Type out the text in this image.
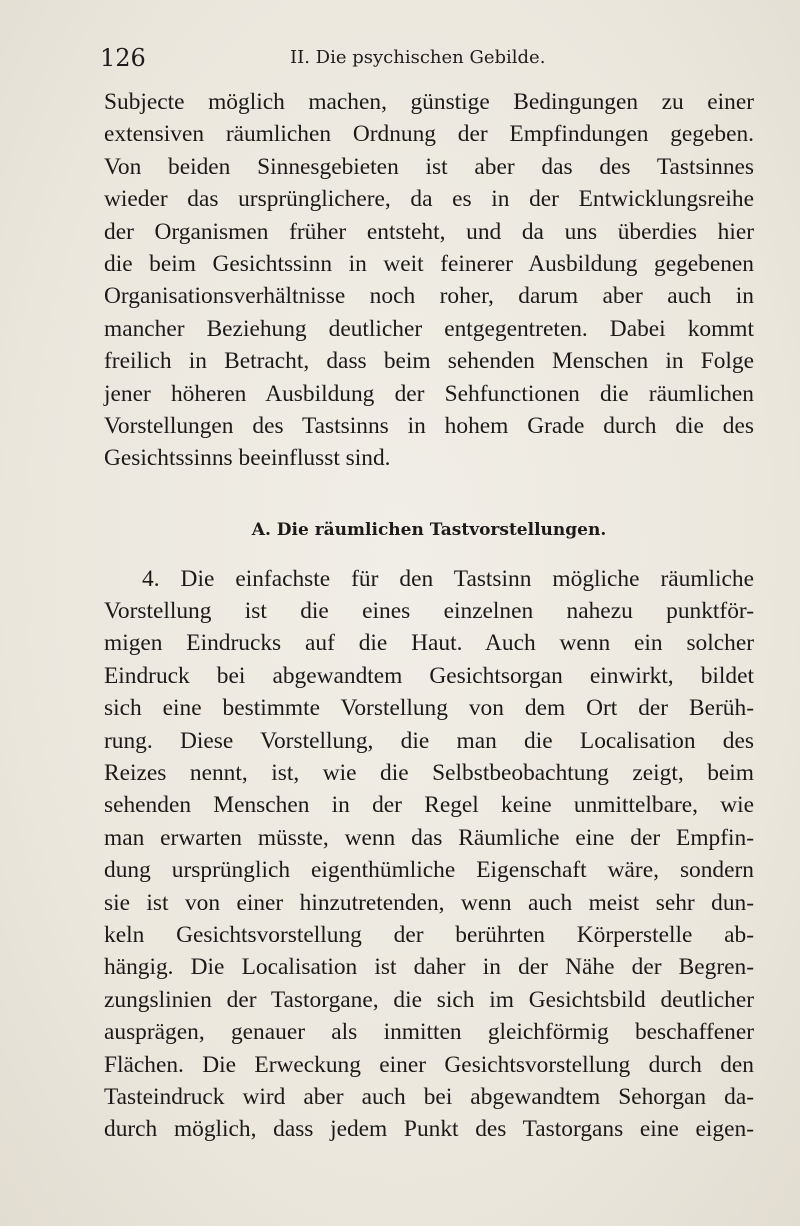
126	II. Die psychischen Gebilde.
Subjecte möglich machen, günstige Bedingungen zu einer
extensiven räumlichen Ordnung der Empfindungen gegeben.
Von beiden Sinnesgebieten ist aber das des Tastsinnes
wieder das ursprünglichere, da es in der Entwicklungsreihe
der Organismen früher entsteht, und da uns überdies hier
die beim Gesichtssinn in weit feinerer Ausbildung gegebenen
Organisationsverhältnisse noch roher, darum aber auch in
mancher Beziehung deutlicher entgegentreten. Dabei kommt
freilich in Betracht, dass beim sehenden Menschen in Folge
jener höheren Ausbildung der Sehfunctionen die räumlichen
Vorstellungen des Tastsinns in hohem Grade durch die des
Gesichtssinns beeinflusst sind.
A. Die räumlichen Tastvorstellungen.
4. Die einfachste für den Tastsinn mögliche räumliche
Vorstellung ist die eines einzelnen nahezu punktför-
migen Eindrucks auf die Haut. Auch wenn ein solcher
Eindruck bei abgewandtem Gesichtsorgan einwirkt, bildet
sich eine bestimmte Vorstellung von dem Ort der Berüh-
rung. Diese Vorstellung, die man die Localisation des
Reizes nennt, ist, wie die Selbstbeobachtung zeigt, beim
sehenden Menschen in der Regel keine unmittelbare, wie
man erwarten müsste, wenn das Räumliche eine der Empfin-
dung ursprünglich eigenthümliche Eigenschaft wäre, sondern
sie ist von einer hinzutretenden, wenn auch meist sehr dun-
keln Gesichtsvorstellung der berührten Körperstelle ab-
hängig. Die Localisation ist daher in der Nähe der Begren-
zungslinien der Tastorgane, die sich im Gesichtsbild deutlicher
ausprägen, genauer als inmitten gleichförmig beschaffener
Flächen. Die Erweckung einer Gesichtsvorstellung durch den
Tasteindruck wird aber auch bei abgewandtem Sehorgan da-
durch möglich, dass jedem Punkt des Tastorgans eine eigen-
